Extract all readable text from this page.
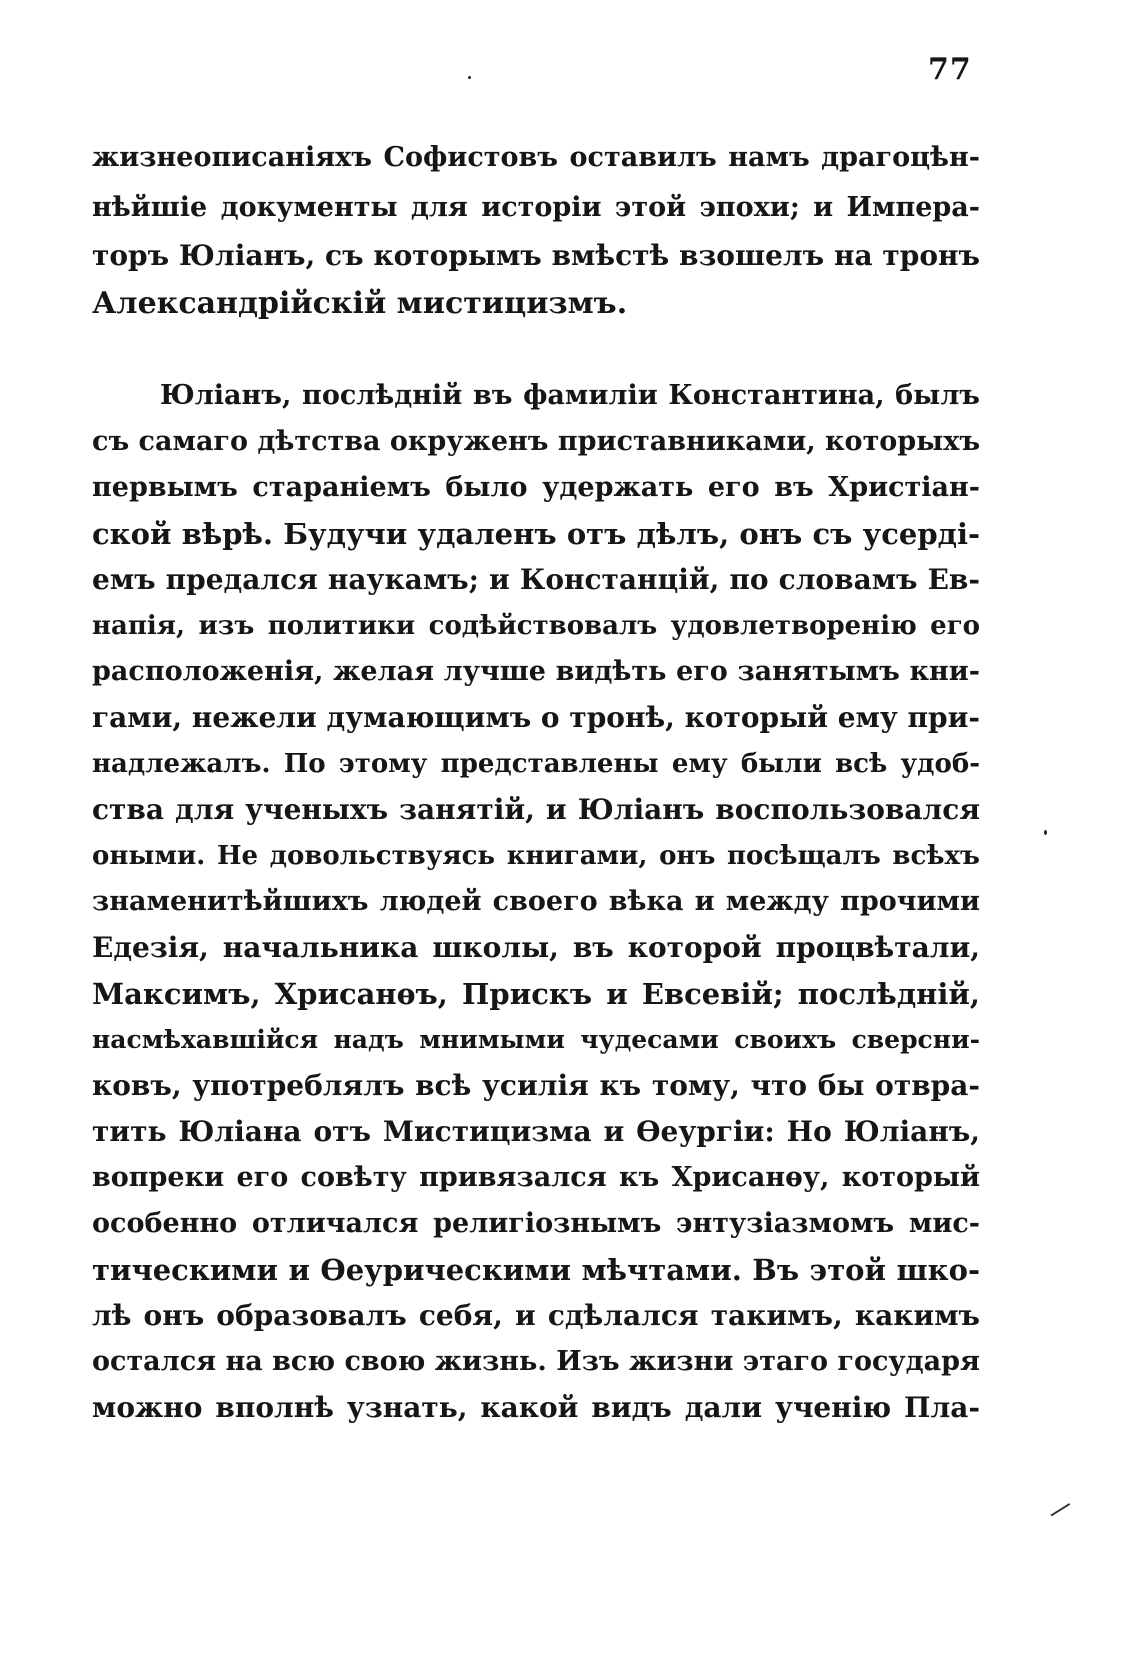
77
жизнеописаніяхъ Софистовъ оставилъ намъ драгоцѣн-
нѣйшіе документы для исторіи этой эпохи; и Импера-
торъ Юліанъ, съ которымъ вмѣстѣ взошелъ на тронъ
Александрійскій мистицизмъ.
Юліанъ, послѣдній въ фамиліи Константина, былъ
съ самаго дѣтства окруженъ приставниками, которыхъ
первымъ стараніемъ было удержать его въ Христіан-
ской вѣрѣ. Будучи удаленъ отъ дѣлъ, онъ съ усерді-
емъ предался наукамъ; и Констанцій, по словамъ Ев-
напія, изъ политики содѣйствовалъ удовлетворенію его
расположенія, желая лучше видѣть его занятымъ кни-
гами, нежели думающимъ о тронѣ, который ему при-
надлежалъ. По этому представлены ему были всѣ удоб-
ства для ученыхъ занятій, и Юліанъ воспользовался
оными. Не довольствуясь книгами, онъ посѣщалъ всѣхъ
знаменитѣйшихъ людей своего вѣка и между прочими
Едезія, начальника школы, въ которой процвѣтали,
Максимъ, Хрисанѳъ, Прискъ и Евсевій; послѣдній,
насмѣхавшійся надъ мнимыми чудесами своихъ сверсни-
ковъ, употреблялъ всѣ усилія къ тому, что бы отвра-
тить Юліана отъ Мистицизма и Ѳеургіи: Но Юліанъ,
вопреки его совѣту привязался къ Хрисанѳу, который
особенно отличался религіознымъ энтузіазмомъ мис-
тическими и Ѳеурическими мѣчтами. Въ этой шко-
лѣ онъ образовалъ себя, и сдѣлался такимъ, какимъ
остался на всю свою жизнь. Изъ жизни этаго государя
можно вполнѣ узнать, какой видъ дали ученію Пла-
